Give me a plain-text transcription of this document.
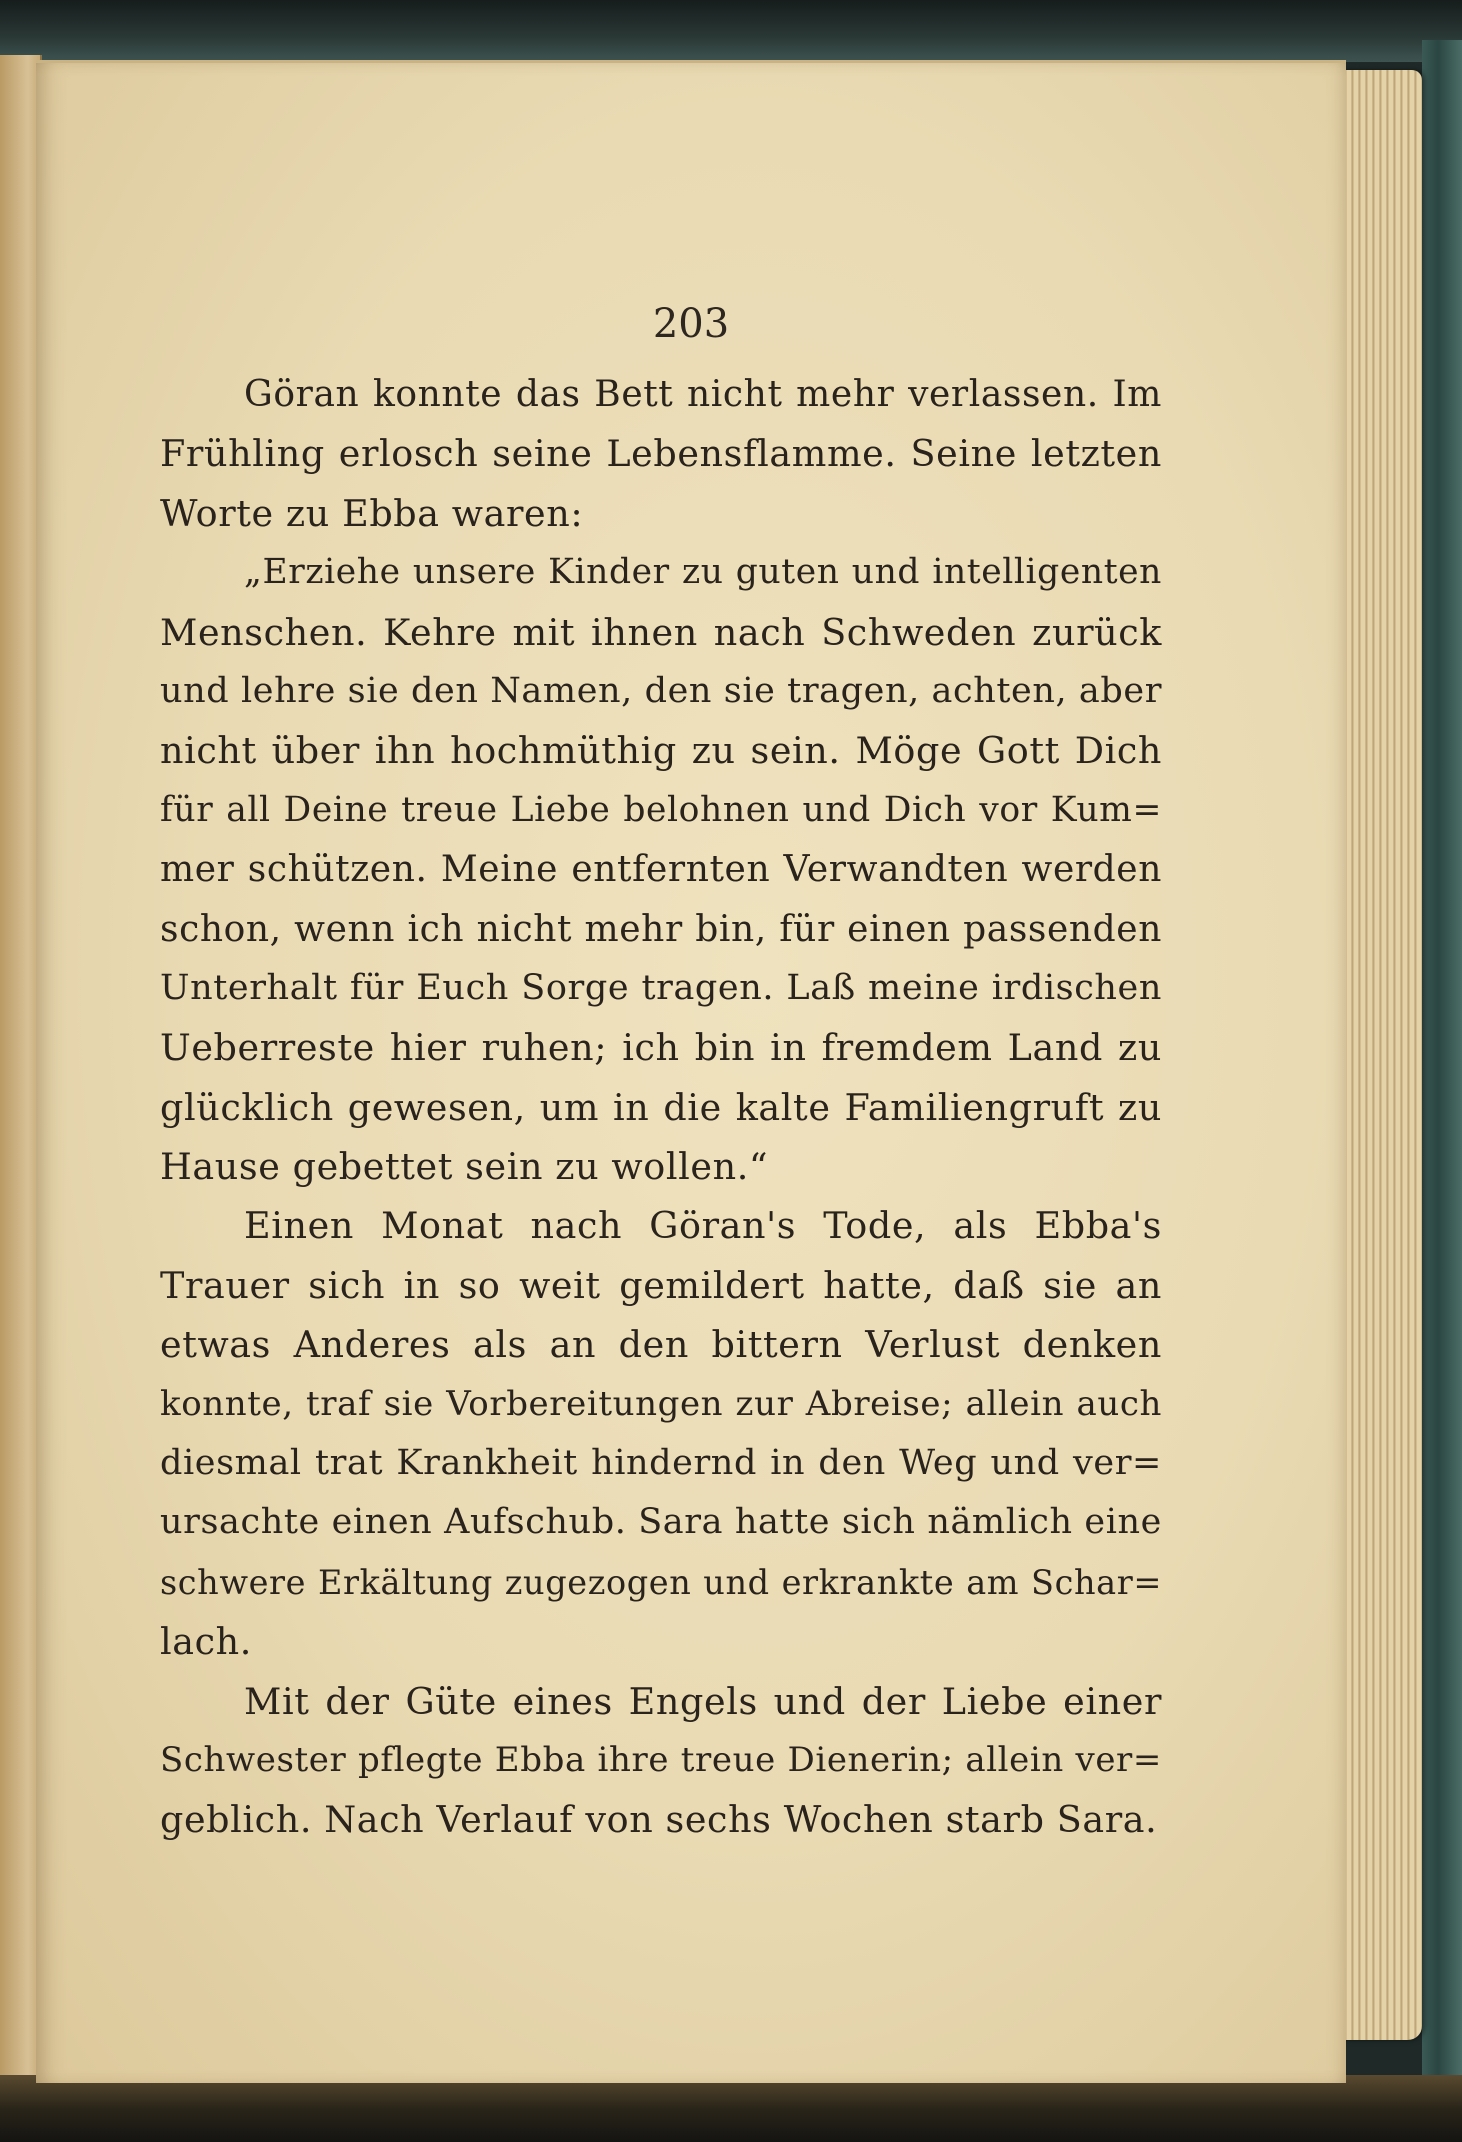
203
Göran konnte das Bett nicht mehr verlassen. Im
Frühling erlosch seine Lebensflamme. Seine letzten
Worte zu Ebba waren:
„Erziehe unsere Kinder zu guten und intelligenten
Menschen. Kehre mit ihnen nach Schweden zurück
und lehre sie den Namen, den sie tragen, achten, aber
nicht über ihn hochmüthig zu sein. Möge Gott Dich
für all Deine treue Liebe belohnen und Dich vor Kum=
mer schützen. Meine entfernten Verwandten werden
schon, wenn ich nicht mehr bin, für einen passenden
Unterhalt für Euch Sorge tragen. Laß meine irdischen
Ueberreste hier ruhen; ich bin in fremdem Land zu
glücklich gewesen, um in die kalte Familiengruft zu
Hause gebettet sein zu wollen.“
Einen Monat nach Göran's Tode, als Ebba's
Trauer sich in so weit gemildert hatte, daß sie an
etwas Anderes als an den bittern Verlust denken
konnte, traf sie Vorbereitungen zur Abreise; allein auch
diesmal trat Krankheit hindernd in den Weg und ver=
ursachte einen Aufschub. Sara hatte sich nämlich eine
schwere Erkältung zugezogen und erkrankte am Schar=
lach.
Mit der Güte eines Engels und der Liebe einer
Schwester pflegte Ebba ihre treue Dienerin; allein ver=
geblich. Nach Verlauf von sechs Wochen starb Sara.
